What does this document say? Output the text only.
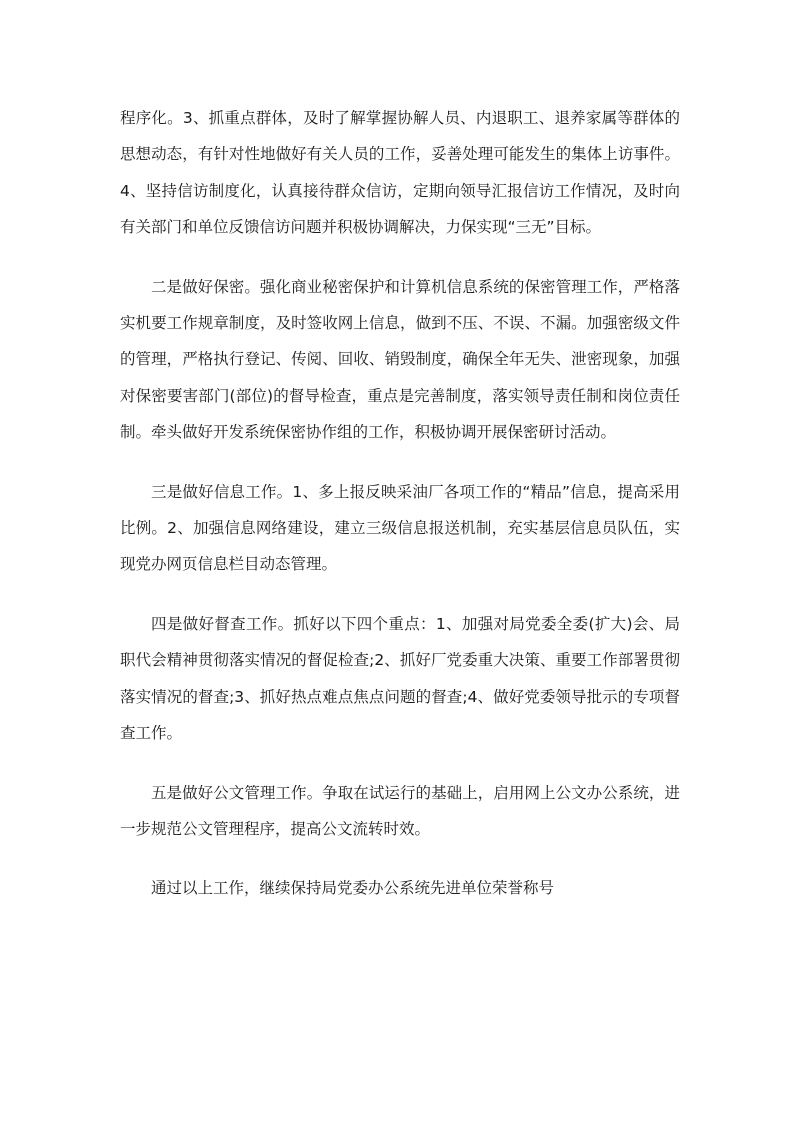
程序化。3、抓重点群体，及时了解掌握协解人员、内退职工、退养家属等群体的思想动态，有针对性地做好有关人员的工作，妥善处理可能发生的集体上访事件。4、坚持信访制度化，认真接待群众信访，定期向领导汇报信访工作情况，及时向有关部门和单位反馈信访问题并积极协调解决，力保实现“三无”目标。

二是做好保密。强化商业秘密保护和计算机信息系统的保密管理工作，严格落实机要工作规章制度，及时签收网上信息，做到不压、不误、不漏。加强密级文件的管理，严格执行登记、传阅、回收、销毁制度，确保全年无失、泄密现象，加强对保密要害部门(部位)的督导检查，重点是完善制度，落实领导责任制和岗位责任制。牵头做好开发系统保密协作组的工作，积极协调开展保密研讨活动。

三是做好信息工作。1、多上报反映采油厂各项工作的“精品”信息，提高采用比例。2、加强信息网络建设，建立三级信息报送机制，充实基层信息员队伍，实现党办网页信息栏目动态管理。

四是做好督查工作。抓好以下四个重点：1、加强对局党委全委(扩大)会、局职代会精神贯彻落实情况的督促检查;2、抓好厂党委重大决策、重要工作部署贯彻落实情况的督查;3、抓好热点难点焦点问题的督查;4、做好党委领导批示的专项督查工作。

五是做好公文管理工作。争取在试运行的基础上，启用网上公文办公系统，进一步规范公文管理程序，提高公文流转时效。

通过以上工作，继续保持局党委办公系统先进单位荣誉称号
